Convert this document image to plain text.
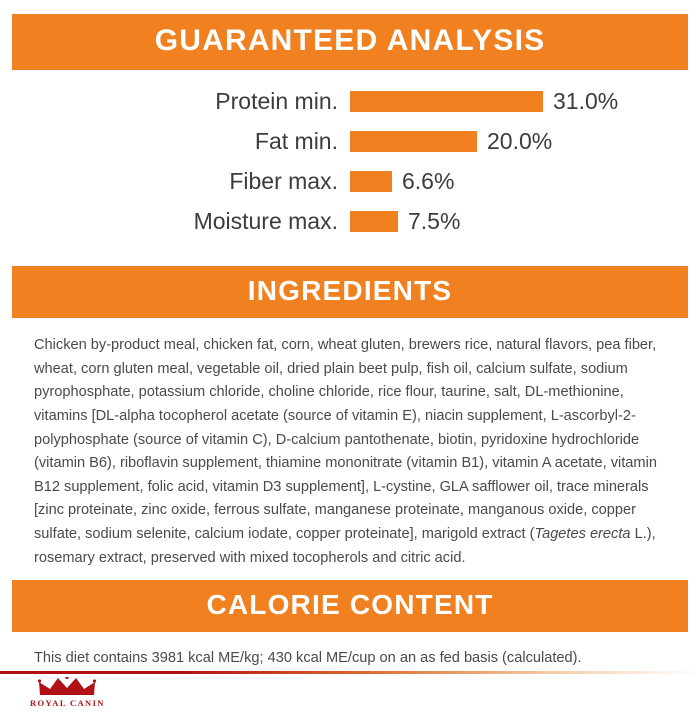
GUARANTEED ANALYSIS
Protein min.	31.0%
Fat min.	20.0%
Fiber max.	6.6%
Moisture max.	7.5%
INGREDIENTS
Chicken by-product meal, chicken fat, corn, wheat gluten, brewers rice, natural flavors, pea fiber, wheat, corn gluten meal, vegetable oil, dried plain beet pulp, fish oil, calcium sulfate, sodium pyrophosphate, potassium chloride, choline chloride, rice flour, taurine, salt, DL-methionine, vitamins [DL-alpha tocopherol acetate (source of vitamin E), niacin supplement, L-ascorbyl-2-polyphosphate (source of vitamin C), D-calcium pantothenate, biotin, pyridoxine hydrochloride (vitamin B6), riboflavin supplement, thiamine mononitrate (vitamin B1), vitamin A acetate, vitamin B12 supplement, folic acid, vitamin D3 supplement], L-cystine, GLA safflower oil, trace minerals [zinc proteinate, zinc oxide, ferrous sulfate, manganese proteinate, manganous oxide, copper sulfate, sodium selenite, calcium iodate, copper proteinate], marigold extract (Tagetes erecta L.), rosemary extract, preserved with mixed tocopherols and citric acid.
CALORIE CONTENT
This diet contains 3981 kcal ME/kg; 430 kcal ME/cup on an as fed basis (calculated).
ROYAL CANIN
